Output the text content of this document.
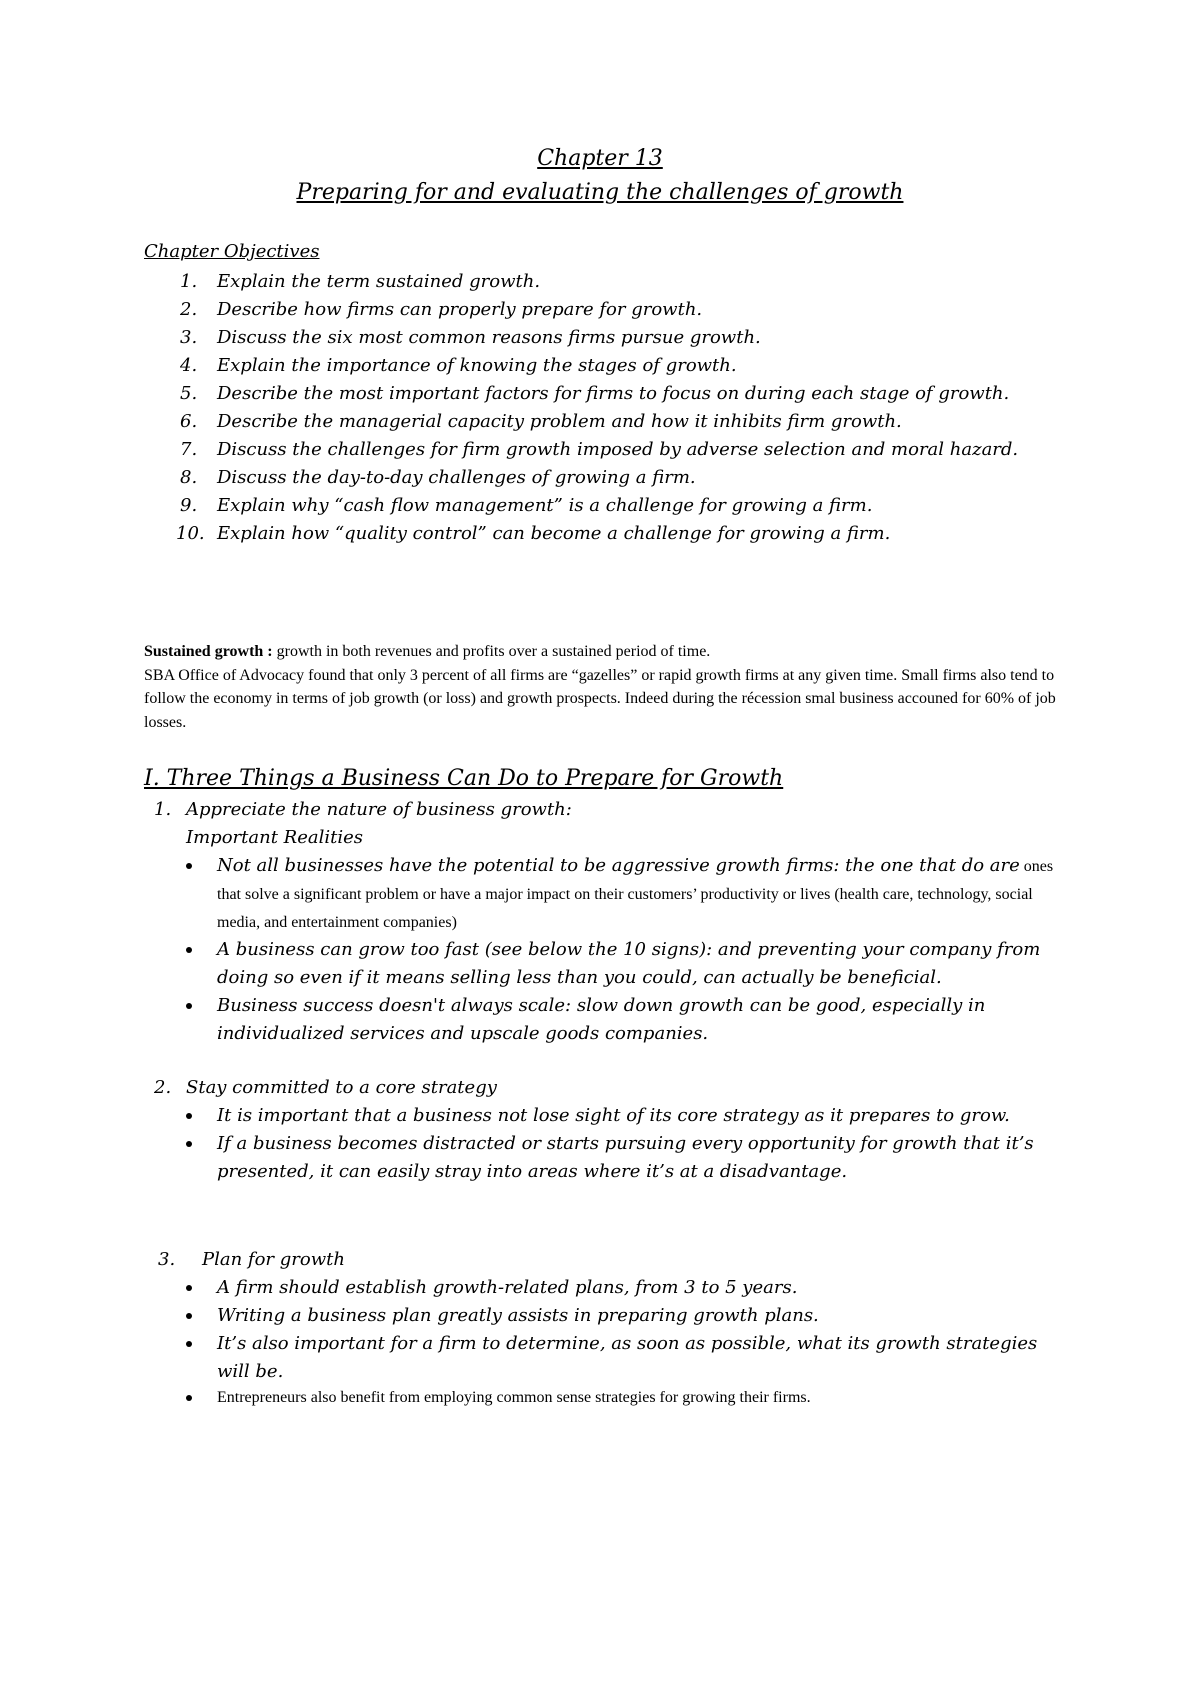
Chapter 13
Preparing for and evaluating the challenges of growth
Chapter Objectives
1.	Explain the term sustained growth.
2.	Describe how firms can properly prepare for growth.
3.	Discuss the six most common reasons firms pursue growth.
4.	Explain the importance of knowing the stages of growth.
5.	Describe the most important factors for firms to focus on during each stage of growth.
6.	Describe the managerial capacity problem and how it inhibits firm growth.
7.	Discuss the challenges for firm growth imposed by adverse selection and moral hazard.
8.	Discuss the day-to-day challenges of growing a firm.
9.	Explain why “cash flow management” is a challenge for growing a firm.
10. Explain how “quality control” can become a challenge for growing a firm.
Sustained growth : growth in both revenues and profits over a sustained period of time.
SBA Office of Advocacy found that only 3 percent of all firms are “gazelles” or rapid growth firms at any given time. Small firms also tend to follow the economy in terms of job growth (or loss) and growth prospects. Indeed during the récession smal business accouned for 60% of job losses.
I. Three Things a Business Can Do to Prepare for Growth
1. Appreciate the nature of business growth:
Important Realities
Not all businesses have the potential to be aggressive growth firms: the one that do are ones that solve a significant problem or have a major impact on their customers’ productivity or lives (health care, technology, social media, and entertainment companies)
A business can grow too fast (see below the 10 signs): and preventing your company from doing so even if it means selling less than you could, can actually be beneficial.
Business success doesn't always scale: slow down growth can be good, especially in individualized services and upscale goods companies.
2. Stay committed to a core strategy
It is important that a business not lose sight of its core strategy as it prepares to grow.
If a business becomes distracted or starts pursuing every opportunity for growth that it’s presented, it can easily stray into areas where it’s at a disadvantage.
3.	Plan for growth
A firm should establish growth-related plans, from 3 to 5 years.
Writing a business plan greatly assists in preparing growth plans.
It’s also important for a firm to determine, as soon as possible, what its growth strategies will be.
Entrepreneurs also benefit from employing common sense strategies for growing their firms.
